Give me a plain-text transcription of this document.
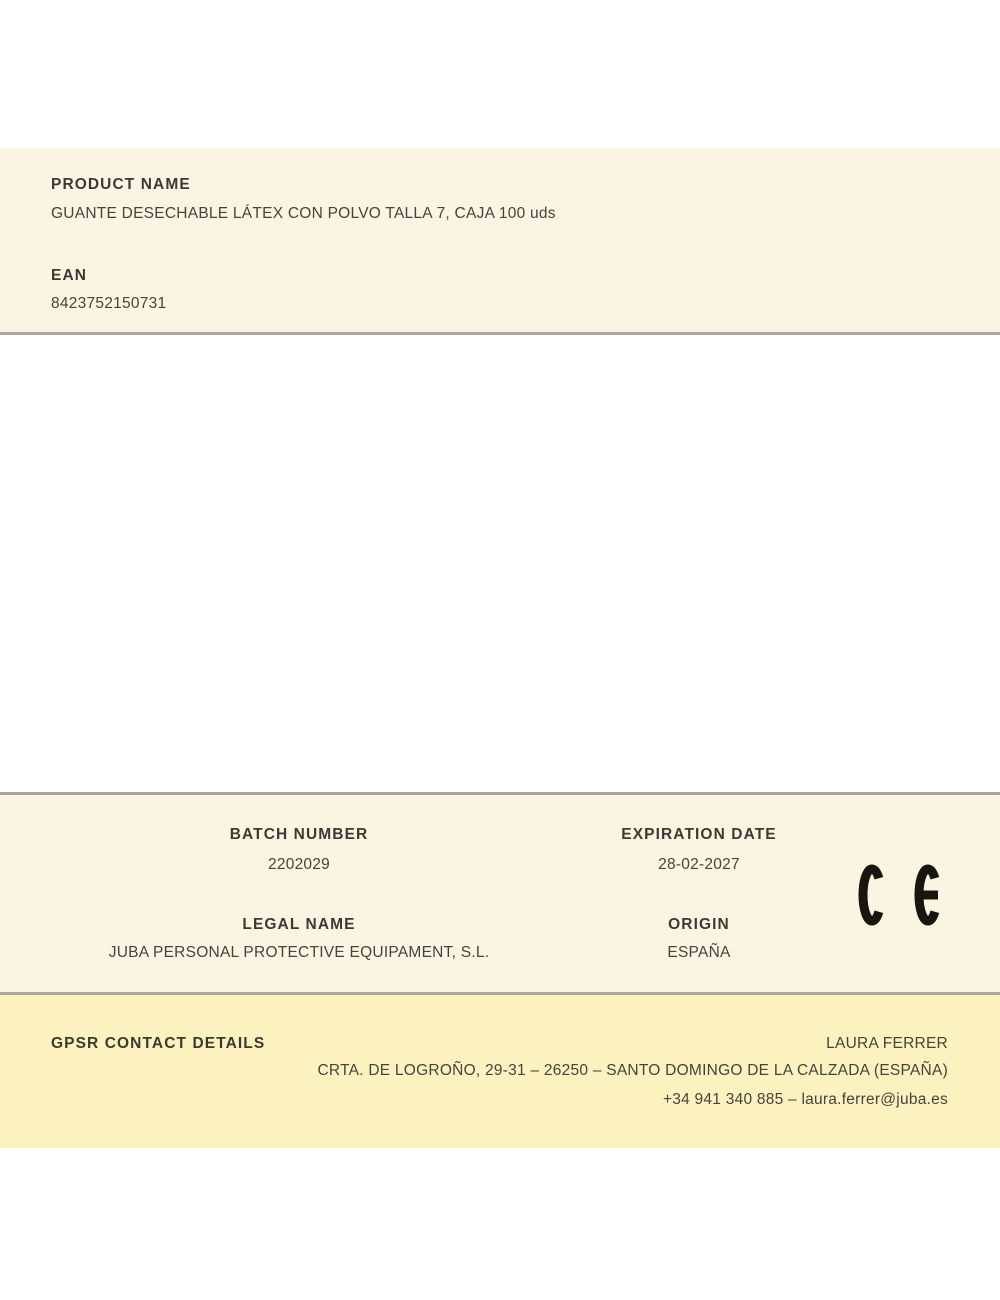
PRODUCT NAME
GUANTE DESECHABLE LÁTEX CON POLVO TALLA 7, CAJA 100 uds
EAN
8423752150731
BATCH NUMBER
2202029
LEGAL NAME
JUBA PERSONAL PROTECTIVE EQUIPAMENT, S.L.
EXPIRATION DATE
28-02-2027
ORIGIN
ESPAÑA
GPSR CONTACT DETAILS	LAURA FERRER
CRTA. DE LOGROÑO, 29-31 – 26250 – SANTO DOMINGO DE LA CALZADA (ESPAÑA)
+34 941 340 885 – laura.ferrer@juba.es
